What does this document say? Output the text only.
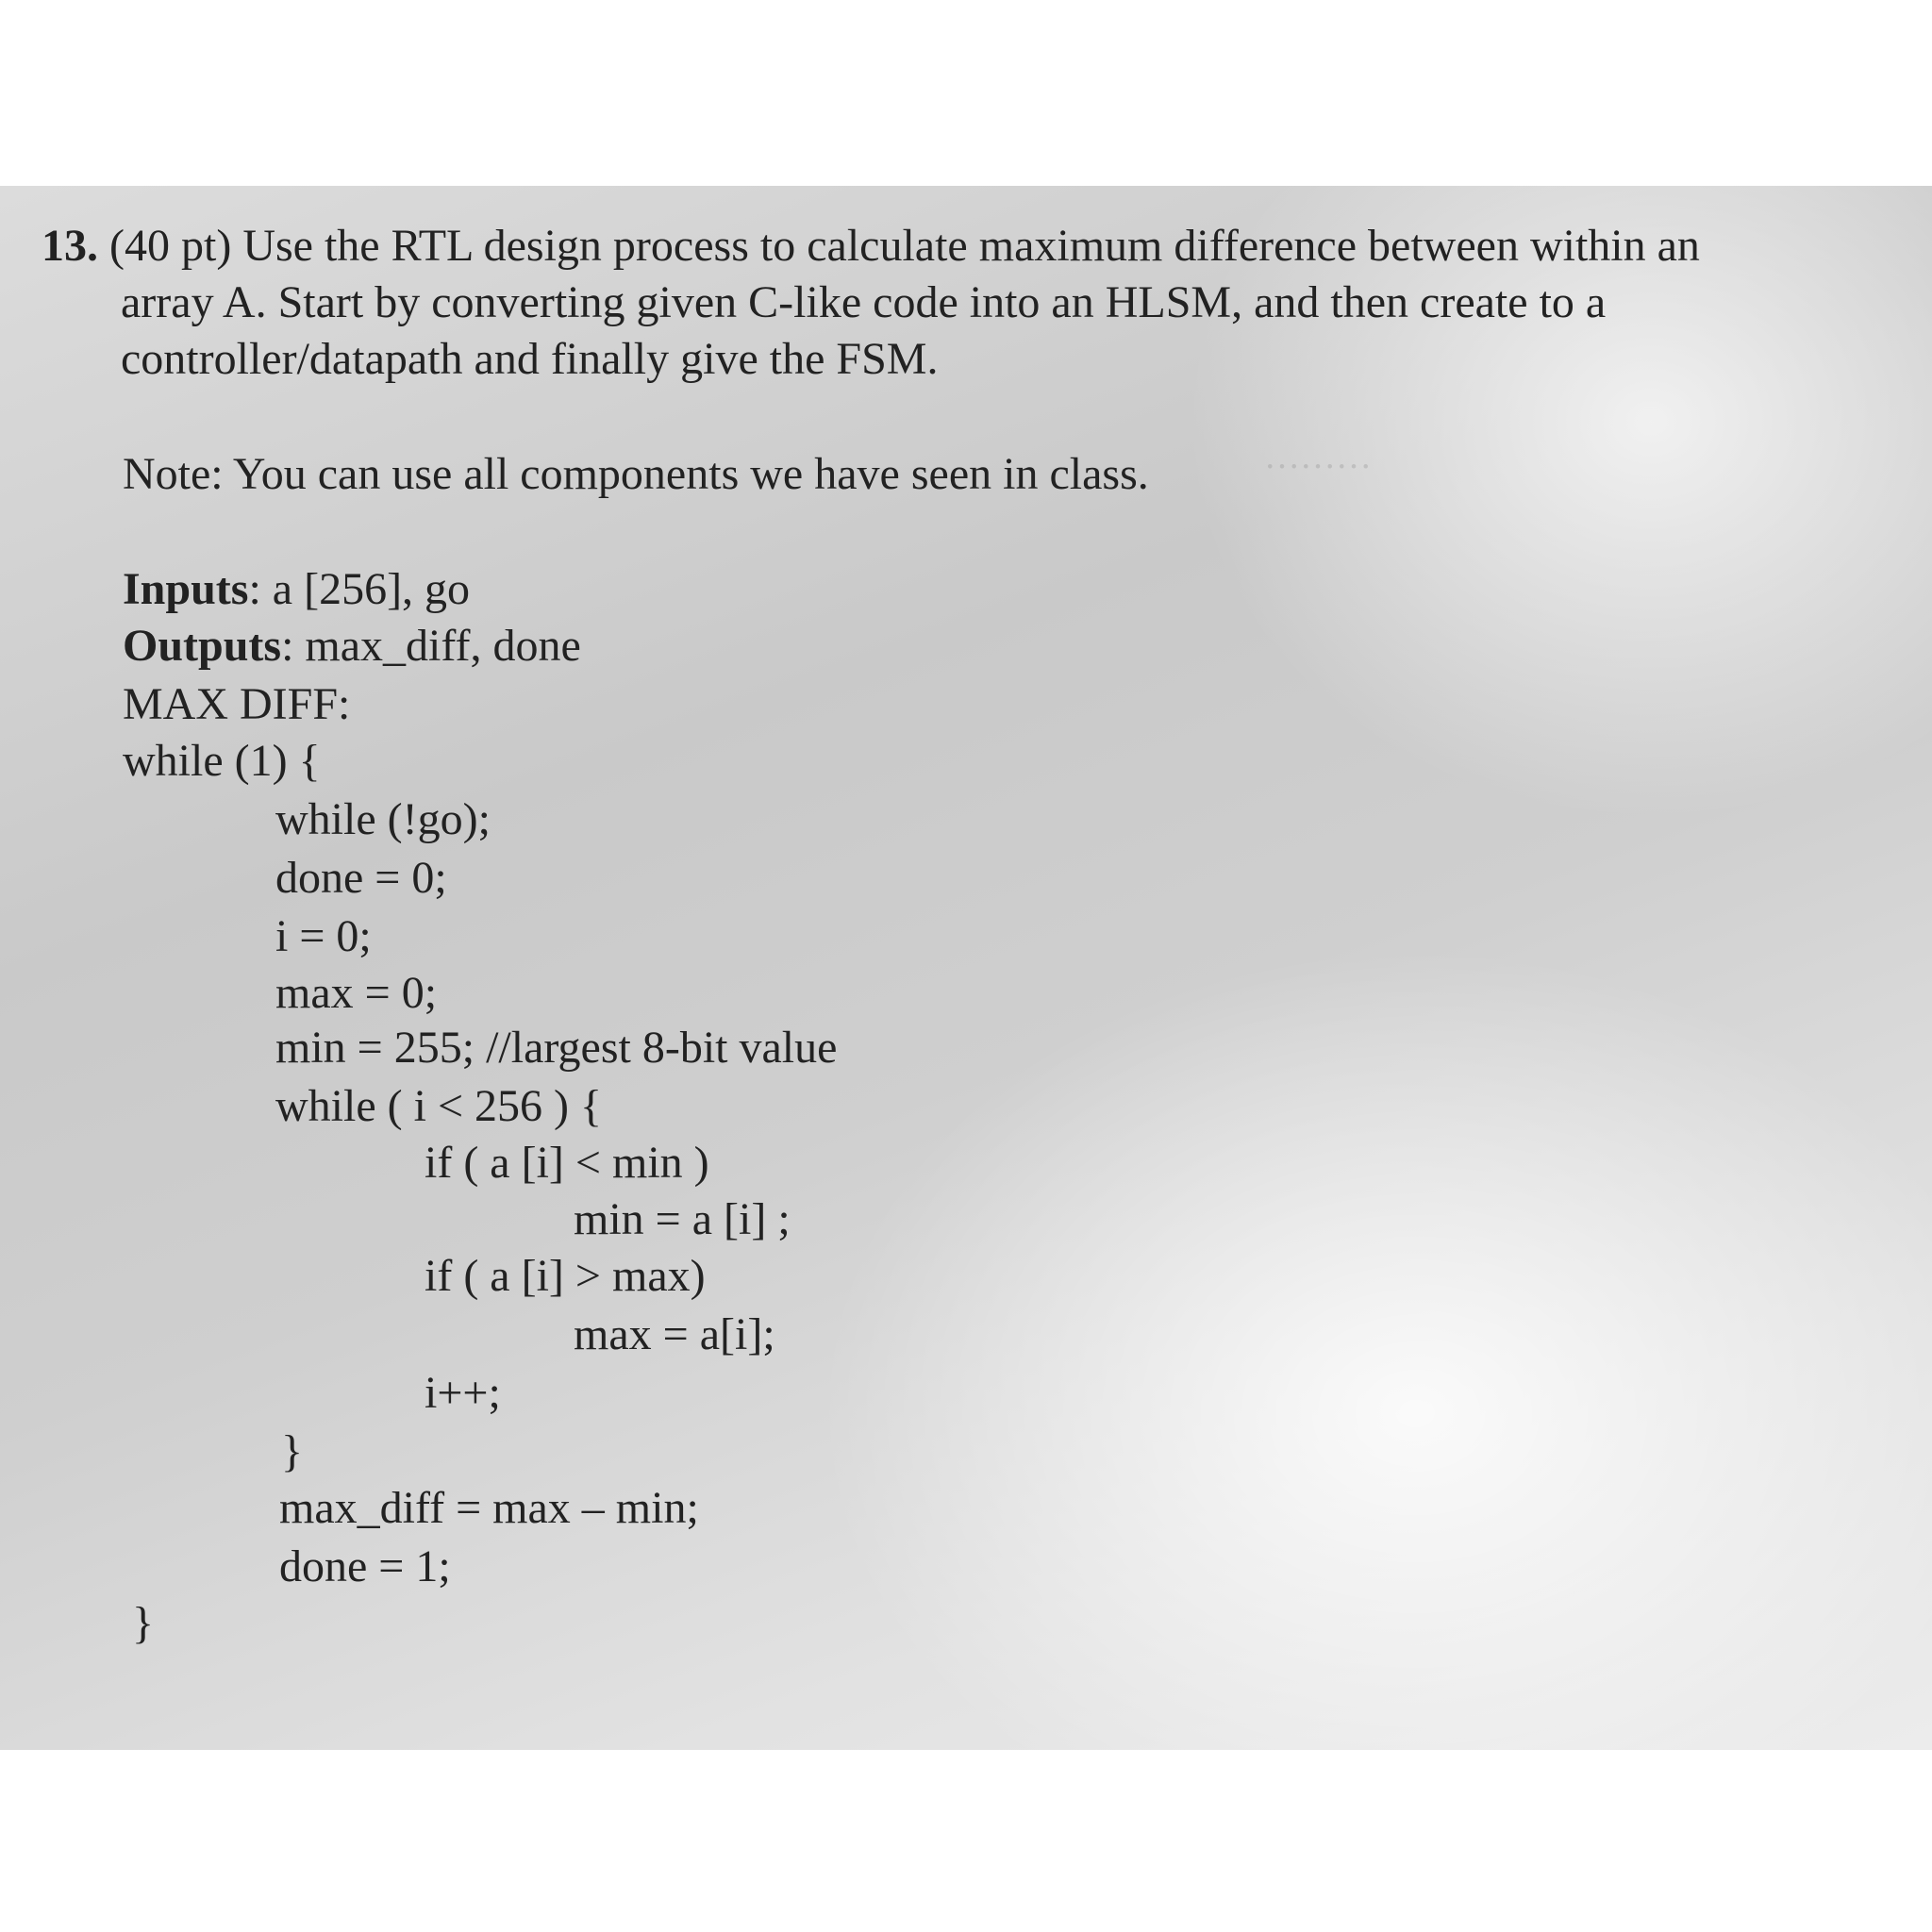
………
13. (40 pt) Use the RTL design process to calculate maximum difference between within an
array A. Start by converting given C-like code into an HLSM, and then create to a
controller/datapath and finally give the FSM.
Note: You can use all components we have seen in class.
Inputs: a [256], go
Outputs: max_diff, done
MAX DIFF:
while (1) {
while (!go);
done = 0;
i = 0;
max = 0;
min = 255; //largest 8-bit value
while ( i < 256 ) {
if ( a [i] < min )
min = a [i] ;
if ( a [i] > max)
max = a[i];
i++;
}
max_diff = max – min;
done = 1;
}
